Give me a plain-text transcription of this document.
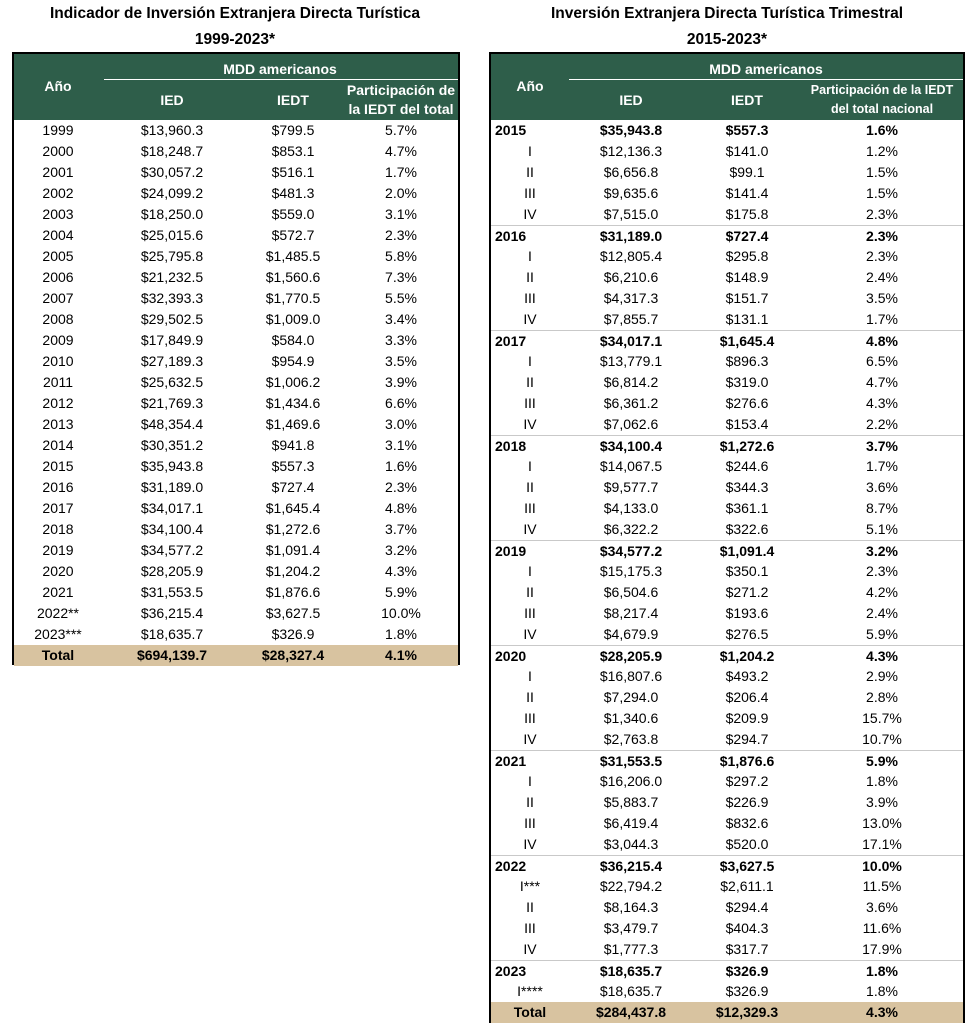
Indicador de Inversión Extranjera Directa Turística
1999-2023*
Inversión Extranjera Directa Turística Trimestral
2015-2023*
Año
MDD americanos
IED	IEDT
Participación de
la IEDT del total
1999	$13,960.3	$799.5	5.7%
2000	$18,248.7	$853.1	4.7%
2001	$30,057.2	$516.1	1.7%
2002	$24,099.2	$481.3	2.0%
2003	$18,250.0	$559.0	3.1%
2004	$25,015.6	$572.7	2.3%
2005	$25,795.8	$1,485.5	5.8%
2006	$21,232.5	$1,560.6	7.3%
2007	$32,393.3	$1,770.5	5.5%
2008	$29,502.5	$1,009.0	3.4%
2009	$17,849.9	$584.0	3.3%
2010	$27,189.3	$954.9	3.5%
2011	$25,632.5	$1,006.2	3.9%
2012	$21,769.3	$1,434.6	6.6%
2013	$48,354.4	$1,469.6	3.0%
2014	$30,351.2	$941.8	3.1%
2015	$35,943.8	$557.3	1.6%
2016	$31,189.0	$727.4	2.3%
2017	$34,017.1	$1,645.4	4.8%
2018	$34,100.4	$1,272.6	3.7%
2019	$34,577.2	$1,091.4	3.2%
2020	$28,205.9	$1,204.2	4.3%
2021	$31,553.5	$1,876.6	5.9%
2022**	$36,215.4	$3,627.5	10.0%
2023***	$18,635.7	$326.9	1.8%
Total	$694,139.7	$28,327.4	4.1%
Año
MDD americanos
IED	IEDT
Participación de la IEDT
del total nacional
2015	$35,943.8	$557.3	1.6%
I	$12,136.3	$141.0	1.2%
II	$6,656.8	$99.1	1.5%
III	$9,635.6	$141.4	1.5%
IV	$7,515.0	$175.8	2.3%
2016	$31,189.0	$727.4	2.3%
I	$12,805.4	$295.8	2.3%
II	$6,210.6	$148.9	2.4%
III	$4,317.3	$151.7	3.5%
IV	$7,855.7	$131.1	1.7%
2017	$34,017.1	$1,645.4	4.8%
I	$13,779.1	$896.3	6.5%
II	$6,814.2	$319.0	4.7%
III	$6,361.2	$276.6	4.3%
IV	$7,062.6	$153.4	2.2%
2018	$34,100.4	$1,272.6	3.7%
I	$14,067.5	$244.6	1.7%
II	$9,577.7	$344.3	3.6%
III	$4,133.0	$361.1	8.7%
IV	$6,322.2	$322.6	5.1%
2019	$34,577.2	$1,091.4	3.2%
I	$15,175.3	$350.1	2.3%
II	$6,504.6	$271.2	4.2%
III	$8,217.4	$193.6	2.4%
IV	$4,679.9	$276.5	5.9%
2020	$28,205.9	$1,204.2	4.3%
I	$16,807.6	$493.2	2.9%
II	$7,294.0	$206.4	2.8%
III	$1,340.6	$209.9	15.7%
IV	$2,763.8	$294.7	10.7%
2021	$31,553.5	$1,876.6	5.9%
I	$16,206.0	$297.2	1.8%
II	$5,883.7	$226.9	3.9%
III	$6,419.4	$832.6	13.0%
IV	$3,044.3	$520.0	17.1%
2022	$36,215.4	$3,627.5	10.0%
I***	$22,794.2	$2,611.1	11.5%
II	$8,164.3	$294.4	3.6%
III	$3,479.7	$404.3	11.6%
IV	$1,777.3	$317.7	17.9%
2023	$18,635.7	$326.9	1.8%
I****	$18,635.7	$326.9	1.8%
Total	$284,437.8	$12,329.3	4.3%
